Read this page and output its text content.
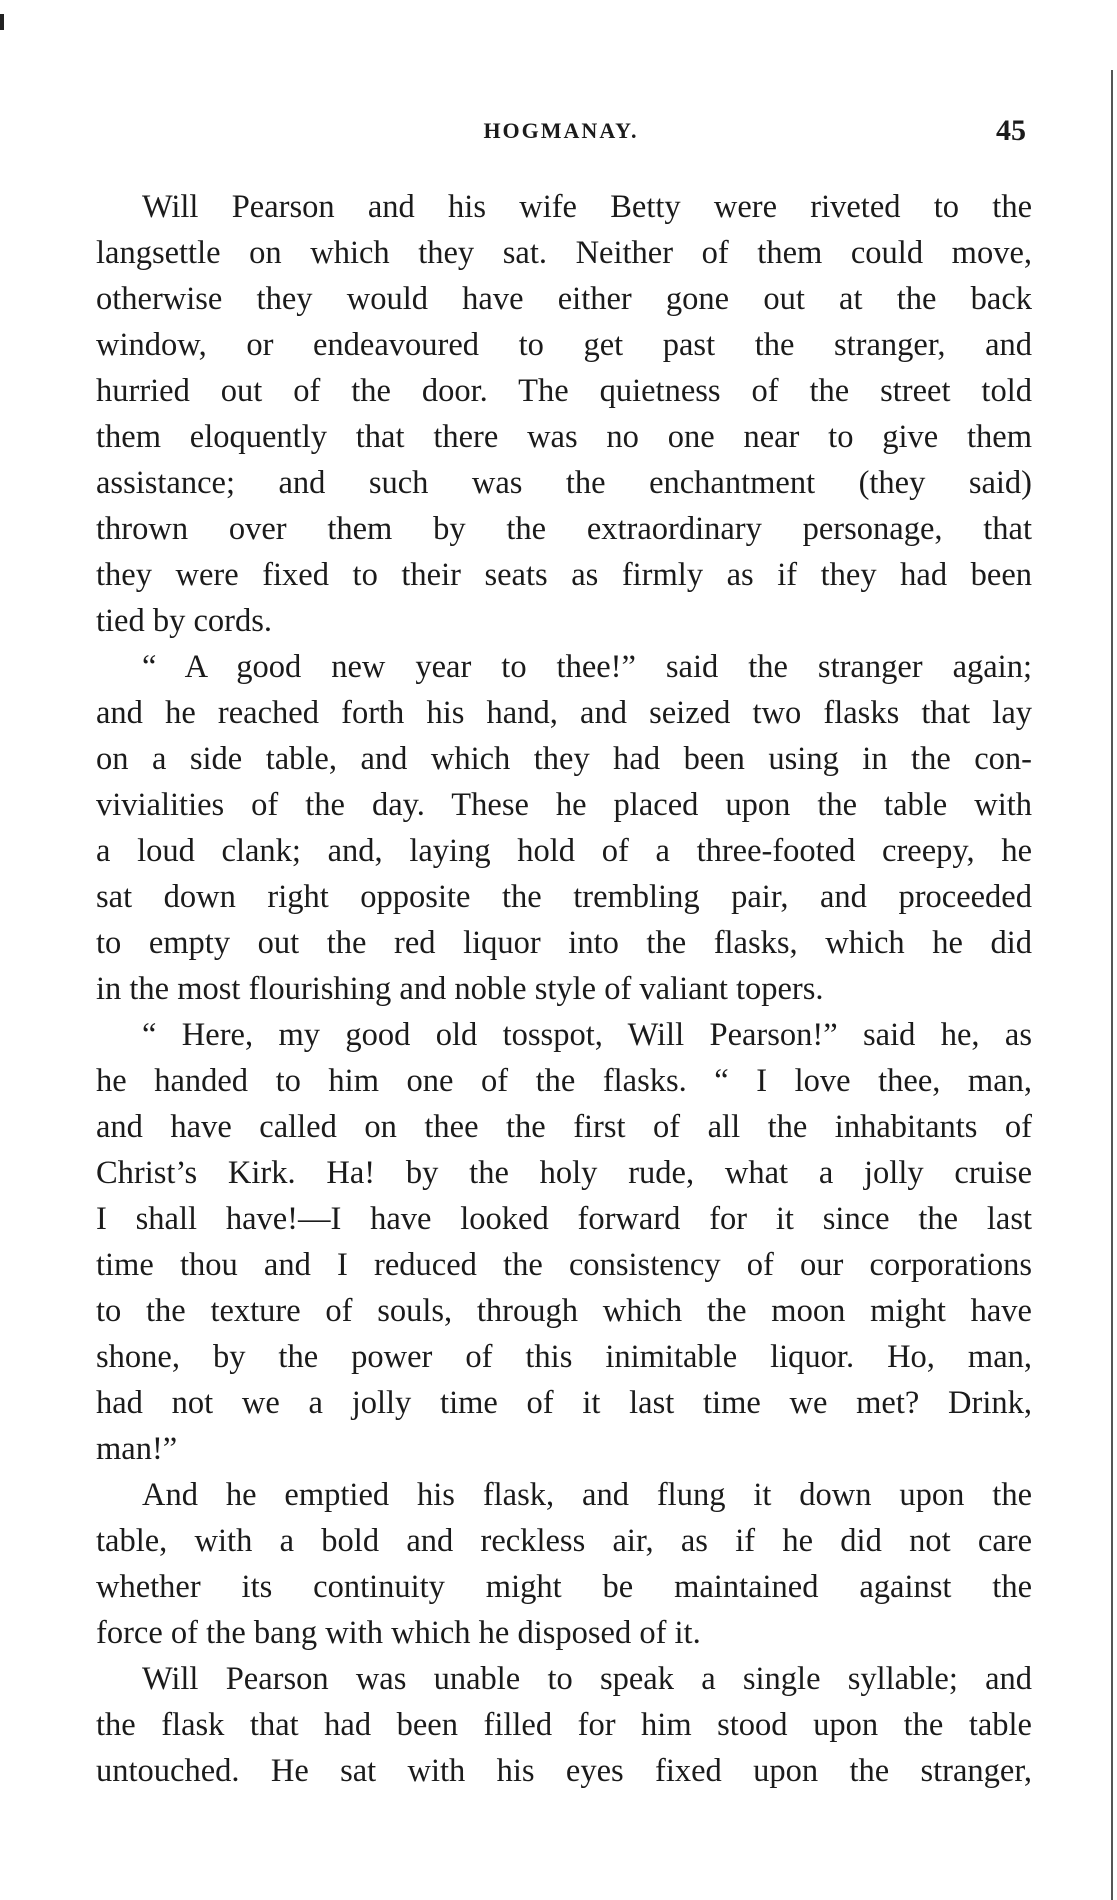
HOGMANAY.	45
Will Pearson and his wife Betty were riveted to the
langsettle on which they sat. Neither of them could move,
otherwise they would have either gone out at the back
window, or endeavoured to get past the stranger, and
hurried out of the door. The quietness of the street told
them eloquently that there was no one near to give them
assistance; and such was the enchantment (they said)
thrown over them by the extraordinary personage, that
they were fixed to their seats as firmly as if they had been
tied by cords.
“ A good new year to thee!” said the stranger again;
and he reached forth his hand, and seized two flasks that lay
on a side table, and which they had been using in the con-
vivialities of the day. These he placed upon the table with
a loud clank; and, laying hold of a three-footed creepy, he
sat down right opposite the trembling pair, and proceeded
to empty out the red liquor into the flasks, which he did
in the most flourishing and noble style of valiant topers.
“ Here, my good old tosspot, Will Pearson!” said he, as
he handed to him one of the flasks. “ I love thee, man,
and have called on thee the first of all the inhabitants of
Christ’s Kirk. Ha! by the holy rude, what a jolly cruise
I shall have!—I have looked forward for it since the last
time thou and I reduced the consistency of our corporations
to the texture of souls, through which the moon might have
shone, by the power of this inimitable liquor. Ho, man,
had not we a jolly time of it last time we met? Drink,
man!”
And he emptied his flask, and flung it down upon the
table, with a bold and reckless air, as if he did not care
whether its continuity might be maintained against the
force of the bang with which he disposed of it.
Will Pearson was unable to speak a single syllable; and
the flask that had been filled for him stood upon the table
untouched. He sat with his eyes fixed upon the stranger,
